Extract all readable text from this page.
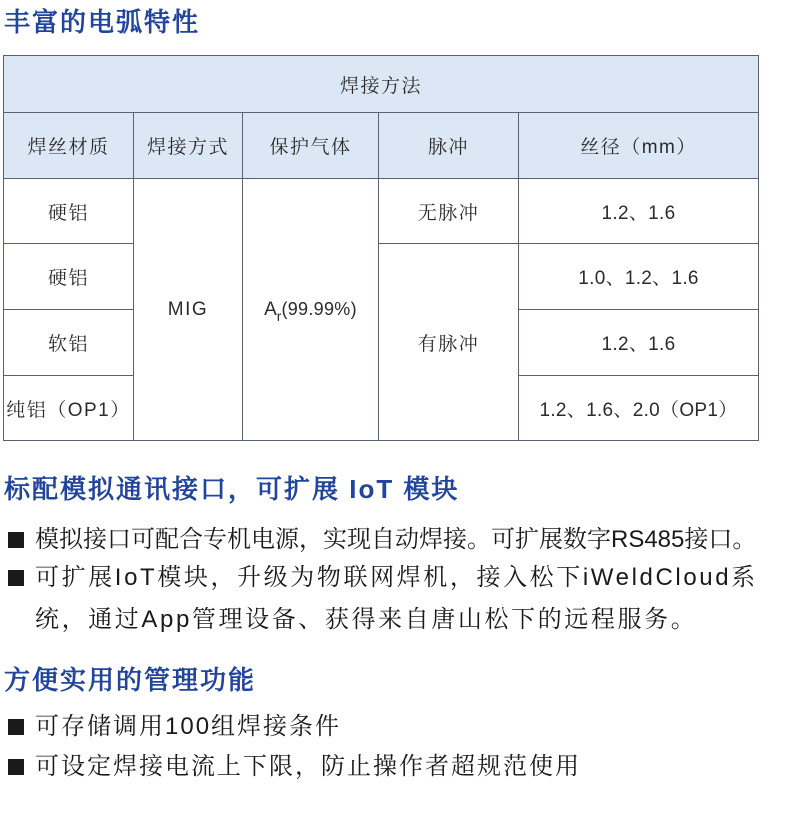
丰富的电弧特性
焊接方法				
焊丝材质	焊接方式	保护气体	脉冲	丝径（mm）
硬铝	MIG	$A_r(99.99\%)$	无脉冲	1.2、1.6
硬铝			有脉冲	1.0、1.2、1.6
软铝				1.2、1.6
纯铝（OP1）				1.2、1.6、2.0（OP1）
标配模拟通讯接口，可扩展 IoT 模块
模拟接口可配合专机电源，实现自动焊接。可扩展数字RS485接口。
可扩展IoT模块，升级为物联网焊机，接入松下iWeldCloud系
统，通过App管理设备、获得来自唐山松下的远程服务。
方便实用的管理功能
可存储调用100组焊接条件
可设定焊接电流上下限，防止操作者超规范使用
